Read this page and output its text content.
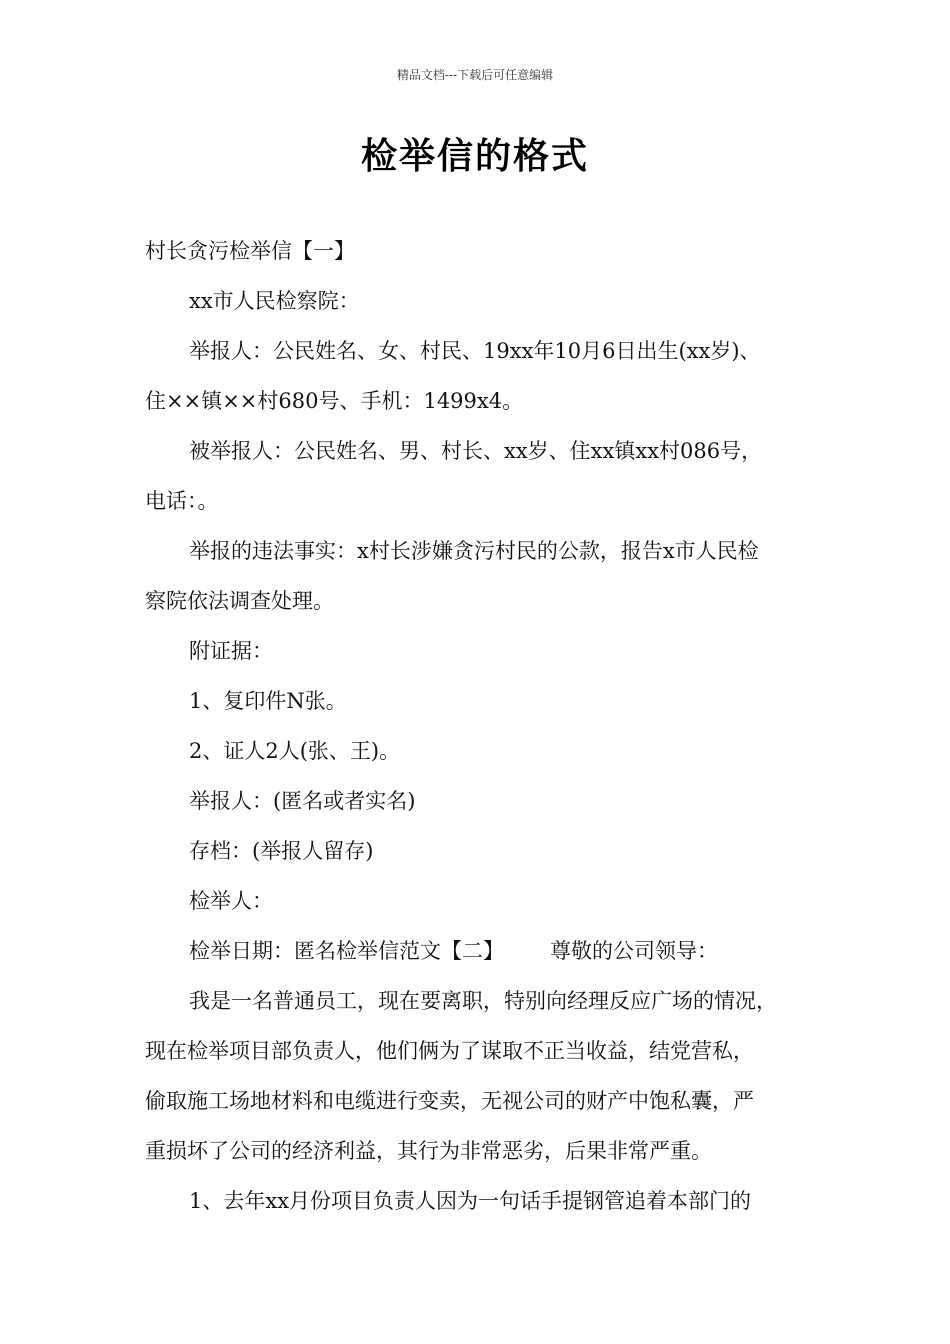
精品文档---下载后可任意编辑
检举信的格式
村长贪污检举信【一】
xx市人民检察院：
举报人：公民姓名、女、村民、19xx年10月6日出生(xx岁)、
住××镇××村680号、手机：1499x4。
被举报人：公民姓名、男、村长、xx岁、住xx镇xx村086号，
电话：。
举报的违法事实：x村长涉嫌贪污村民的公款，报告x市人民检
察院依法调查处理。
附证据：
1、复印件N张。
2、证人2人(张、王)。
举报人：(匿名或者实名)
存档：(举报人留存)
检举人：
检举日期：匿名检举信范文【二】 尊敬的公司领导：
我是一名普通员工，现在要离职，特别向经理反应广场的情况，
现在检举项目部负责人，他们俩为了谋取不正当收益，结党营私，
偷取施工场地材料和电缆进行变卖，无视公司的财产中饱私囊，严
重损坏了公司的经济利益，其行为非常恶劣，后果非常严重。
1、去年xx月份项目负责人因为一句话手提钢管追着本部门的
